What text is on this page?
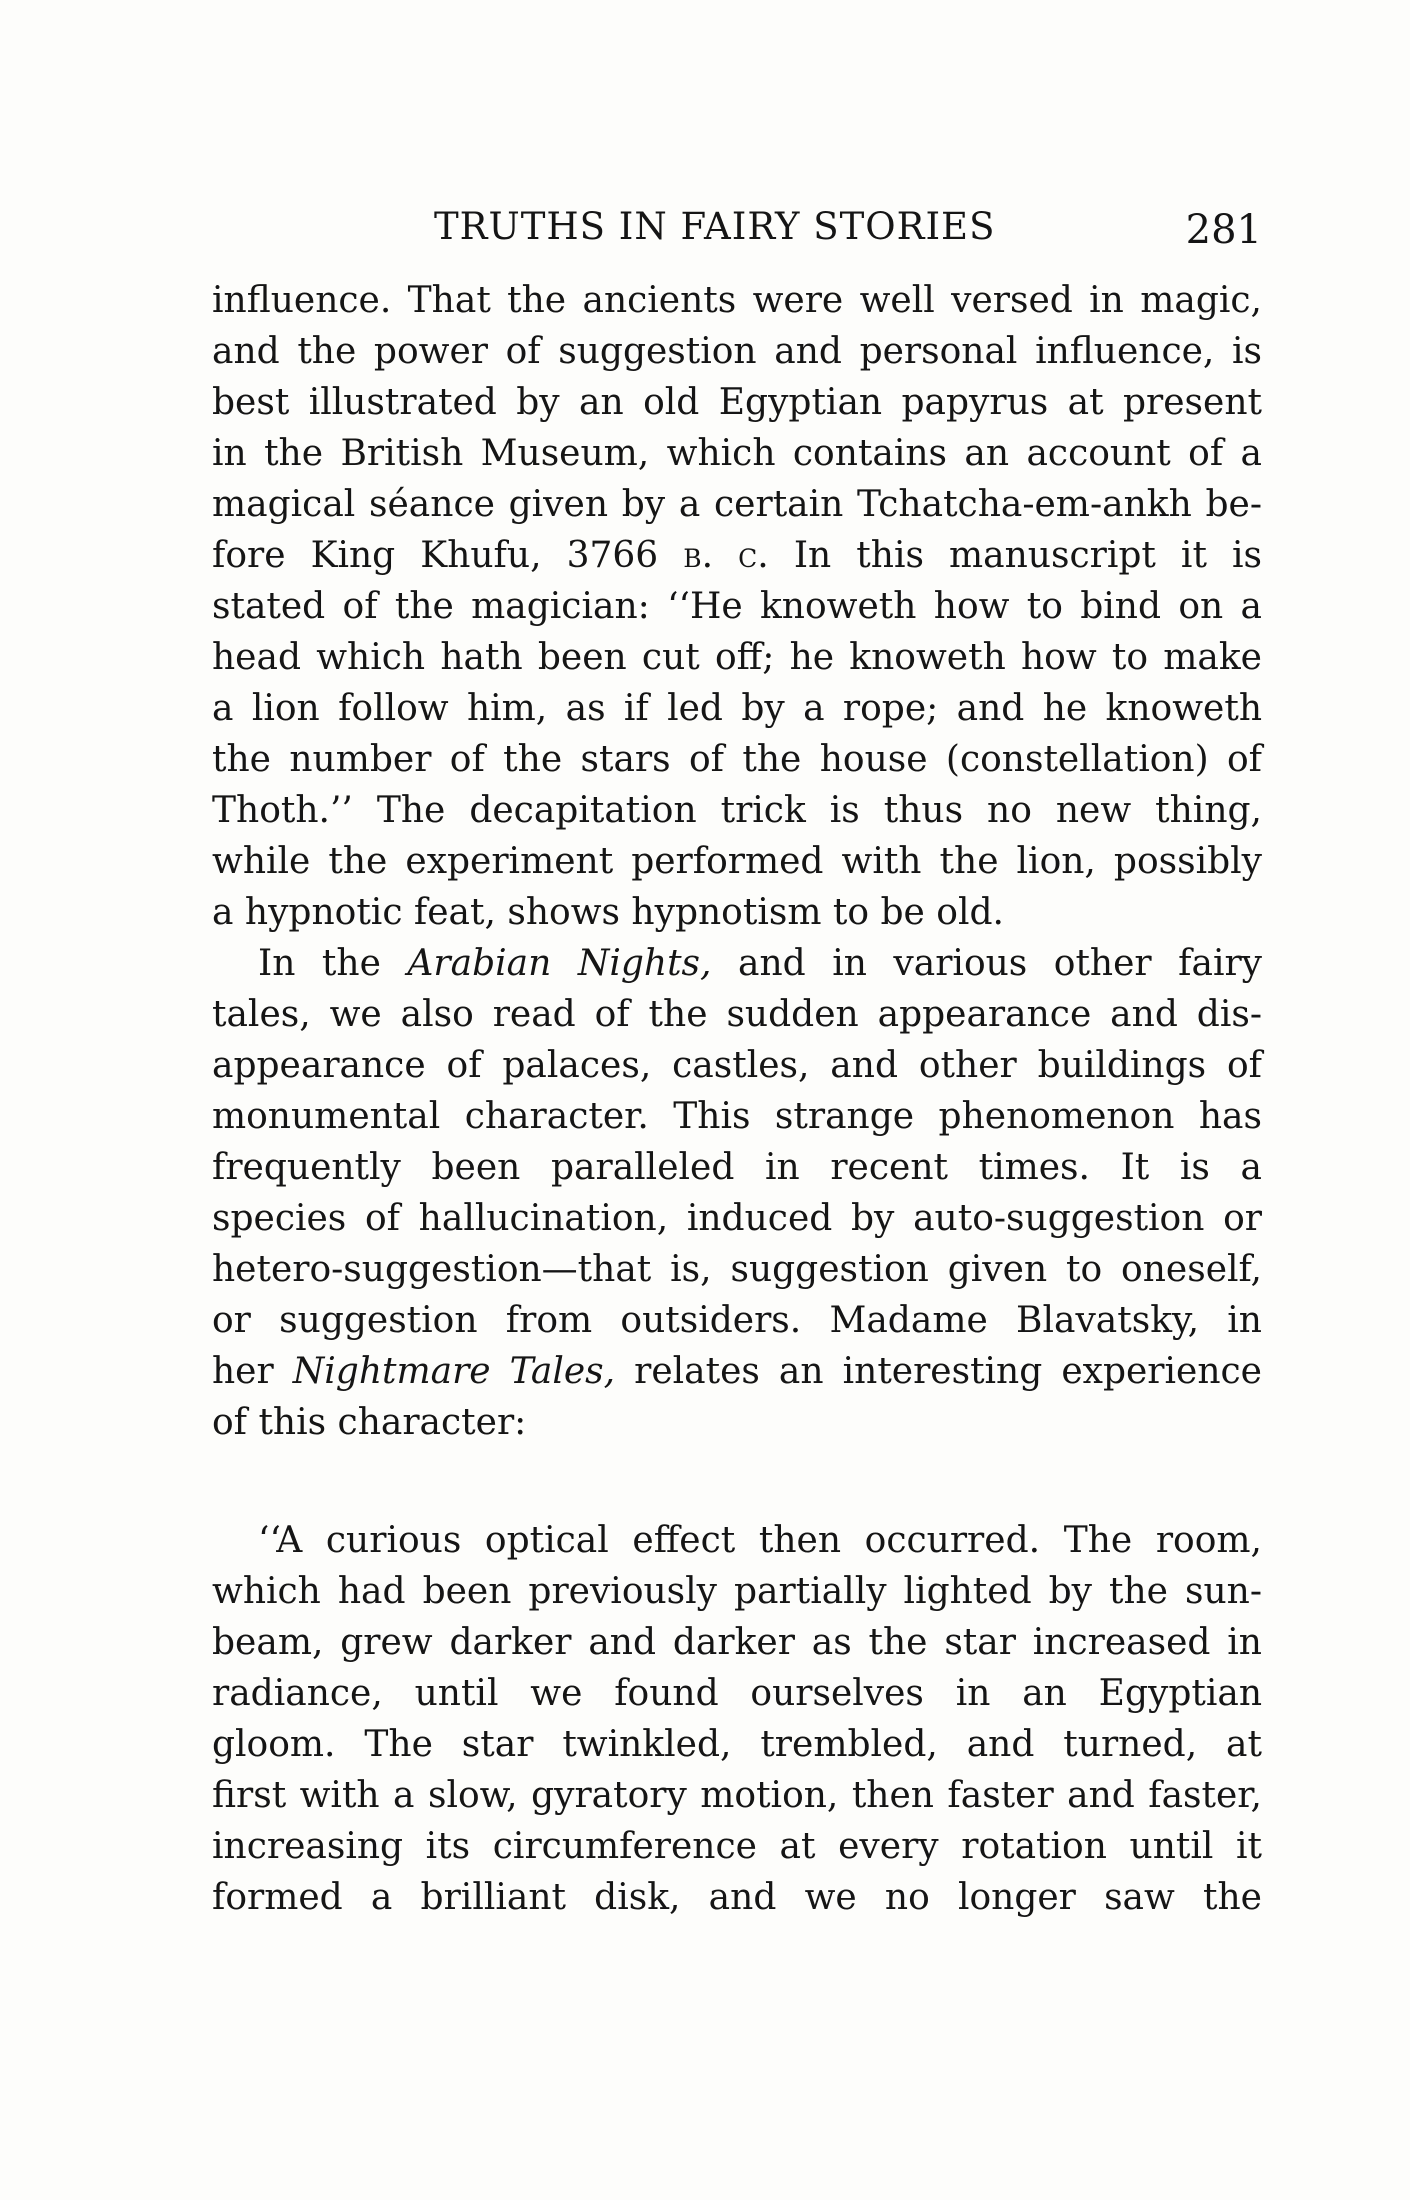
TRUTHS IN FAIRY STORIES	281
influence. That the ancients were well versed in magic,
and the power of suggestion and personal influence, is
best illustrated by an old Egyptian papyrus at present
in the British Museum, which contains an account of a
magical séance given by a certain Tchatcha-em-ankh be-
fore King Khufu, 3766 b. c. In this manuscript it is
stated of the magician: ‘‘He knoweth how to bind on a
head which hath been cut off; he knoweth how to make
a lion follow him, as if led by a rope; and he knoweth
the number of the stars of the house (constellation) of
Thoth.’’ The decapitation trick is thus no new thing,
while the experiment performed with the lion, possibly
a hypnotic feat, shows hypnotism to be old.
In the Arabian Nights, and in various other fairy
tales, we also read of the sudden appearance and dis-
appearance of palaces, castles, and other buildings of
monumental character. This strange phenomenon has
frequently been paralleled in recent times. It is a
species of hallucination, induced by auto-suggestion or
hetero-suggestion—that is, suggestion given to oneself,
or suggestion from outsiders. Madame Blavatsky, in
her Nightmare Tales, relates an interesting experience
of this character:
‘‘A curious optical effect then occurred. The room,
which had been previously partially lighted by the sun-
beam, grew darker and darker as the star increased in
radiance, until we found ourselves in an Egyptian
gloom. The star twinkled, trembled, and turned, at
first with a slow, gyratory motion, then faster and faster,
increasing its circumference at every rotation until it
formed a brilliant disk, and we no longer saw the
